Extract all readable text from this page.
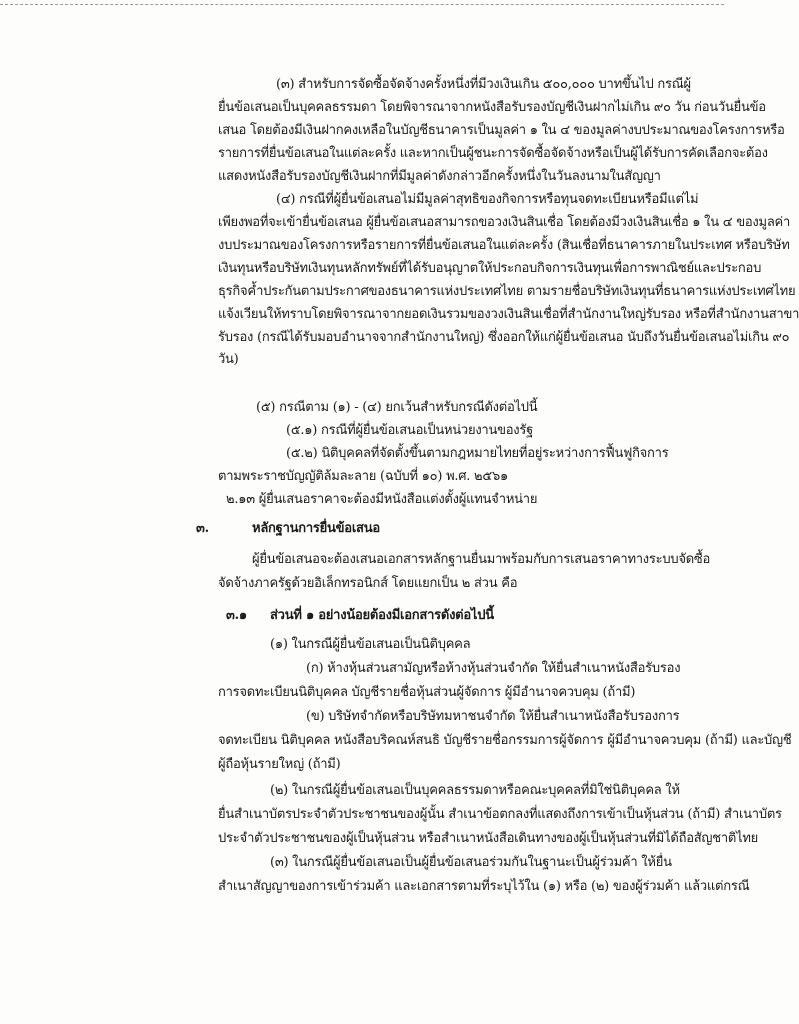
(๓) สำหรับการจัดซื้อจัดจ้างครั้งหนึ่งที่มีวงเงินเกิน ๕๐๐,๐๐๐ บาทขึ้นไป กรณีผู้
ยื่นข้อเสนอเป็นบุคคลธรรมดา โดยพิจารณาจากหนังสือรับรองบัญชีเงินฝากไม่เกิน ๙๐ วัน ก่อนวันยื่นข้อ
เสนอ โดยต้องมีเงินฝากคงเหลือในบัญชีธนาคารเป็นมูลค่า ๑ ใน ๔ ของมูลค่างบประมาณของโครงการหรือ
รายการที่ยื่นข้อเสนอในแต่ละครั้ง และหากเป็นผู้ชนะการจัดซื้อจัดจ้างหรือเป็นผู้ได้รับการคัดเลือกจะต้อง
แสดงหนังสือรับรองบัญชีเงินฝากที่มีมูลค่าดังกล่าวอีกครั้งหนึ่งในวันลงนามในสัญญา
(๔) กรณีที่ผู้ยื่นข้อเสนอไม่มีมูลค่าสุทธิของกิจการหรือทุนจดทะเบียนหรือมีแต่ไม่
เพียงพอที่จะเข้ายื่นข้อเสนอ ผู้ยื่นข้อเสนอสามารถขอวงเงินสินเชื่อ โดยต้องมีวงเงินสินเชื่อ ๑ ใน ๔ ของมูลค่า
งบประมาณของโครงการหรือรายการที่ยื่นข้อเสนอในแต่ละครั้ง (สินเชื่อที่ธนาคารภายในประเทศ หรือบริษัท
เงินทุนหรือบริษัทเงินทุนหลักทรัพย์ที่ได้รับอนุญาตให้ประกอบกิจการเงินทุนเพื่อการพาณิชย์และประกอบ
ธุรกิจค้ำประกันตามประกาศของธนาคารแห่งประเทศไทย ตามรายชื่อบริษัทเงินทุนที่ธนาคารแห่งประเทศไทย
แจ้งเวียนให้ทราบโดยพิจารณาจากยอดเงินรวมของวงเงินสินเชื่อที่สำนักงานใหญ่รับรอง หรือที่สำนักงานสาขา
รับรอง (กรณีได้รับมอบอำนาจจากสำนักงานใหญ่) ซึ่งออกให้แก่ผู้ยื่นข้อเสนอ นับถึงวันยื่นข้อเสนอไม่เกิน ๙๐
วัน)
(๕) กรณีตาม (๑) - (๔) ยกเว้นสำหรับกรณีดังต่อไปนี้
(๕.๑) กรณีที่ผู้ยื่นข้อเสนอเป็นหน่วยงานของรัฐ
(๕.๒) นิติบุคคลที่จัดตั้งขึ้นตามกฎหมายไทยที่อยู่ระหว่างการฟื้นฟูกิจการ
ตามพระราชบัญญัติล้มละลาย (ฉบับที่ ๑๐) พ.ศ. ๒๕๖๑
๒.๑๓ ผู้ยื่นเสนอราคาจะต้องมีหนังสือแต่งตั้งผู้แทนจำหน่าย
๓.	หลักฐานการยื่นข้อเสนอ
ผู้ยื่นข้อเสนอจะต้องเสนอเอกสารหลักฐานยื่นมาพร้อมกับการเสนอราคาทางระบบจัดซื้อ
จัดจ้างภาครัฐด้วยอิเล็กทรอนิกส์ โดยแยกเป็น ๒ ส่วน คือ
๓.๑	ส่วนที่ ๑ อย่างน้อยต้องมีเอกสารดังต่อไปนี้
(๑) ในกรณีผู้ยื่นข้อเสนอเป็นนิติบุคคล
(ก) ห้างหุ้นส่วนสามัญหรือห้างหุ้นส่วนจำกัด ให้ยื่นสำเนาหนังสือรับรอง
การจดทะเบียนนิติบุคคล บัญชีรายชื่อหุ้นส่วนผู้จัดการ ผู้มีอำนาจควบคุม (ถ้ามี)
(ข) บริษัทจำกัดหรือบริษัทมหาชนจำกัด ให้ยื่นสำเนาหนังสือรับรองการ
จดทะเบียน นิติบุคคล หนังสือบริคณห์สนธิ บัญชีรายชื่อกรรมการผู้จัดการ ผู้มีอำนาจควบคุม (ถ้ามี) และบัญชี
ผู้ถือหุ้นรายใหญ่ (ถ้ามี)
(๒) ในกรณีผู้ยื่นข้อเสนอเป็นบุคคลธรรมดาหรือคณะบุคคลที่มิใช่นิติบุคคล ให้
ยื่นสำเนาบัตรประจำตัวประชาชนของผู้นั้น สำเนาข้อตกลงที่แสดงถึงการเข้าเป็นหุ้นส่วน (ถ้ามี) สำเนาบัตร
ประจำตัวประชาชนของผู้เป็นหุ้นส่วน หรือสำเนาหนังสือเดินทางของผู้เป็นหุ้นส่วนที่มิได้ถือสัญชาติไทย
(๓) ในกรณีผู้ยื่นข้อเสนอเป็นผู้ยื่นข้อเสนอร่วมกันในฐานะเป็นผู้ร่วมค้า ให้ยื่น
สำเนาสัญญาของการเข้าร่วมค้า และเอกสารตามที่ระบุไว้ใน (๑) หรือ (๒) ของผู้ร่วมค้า แล้วแต่กรณี
